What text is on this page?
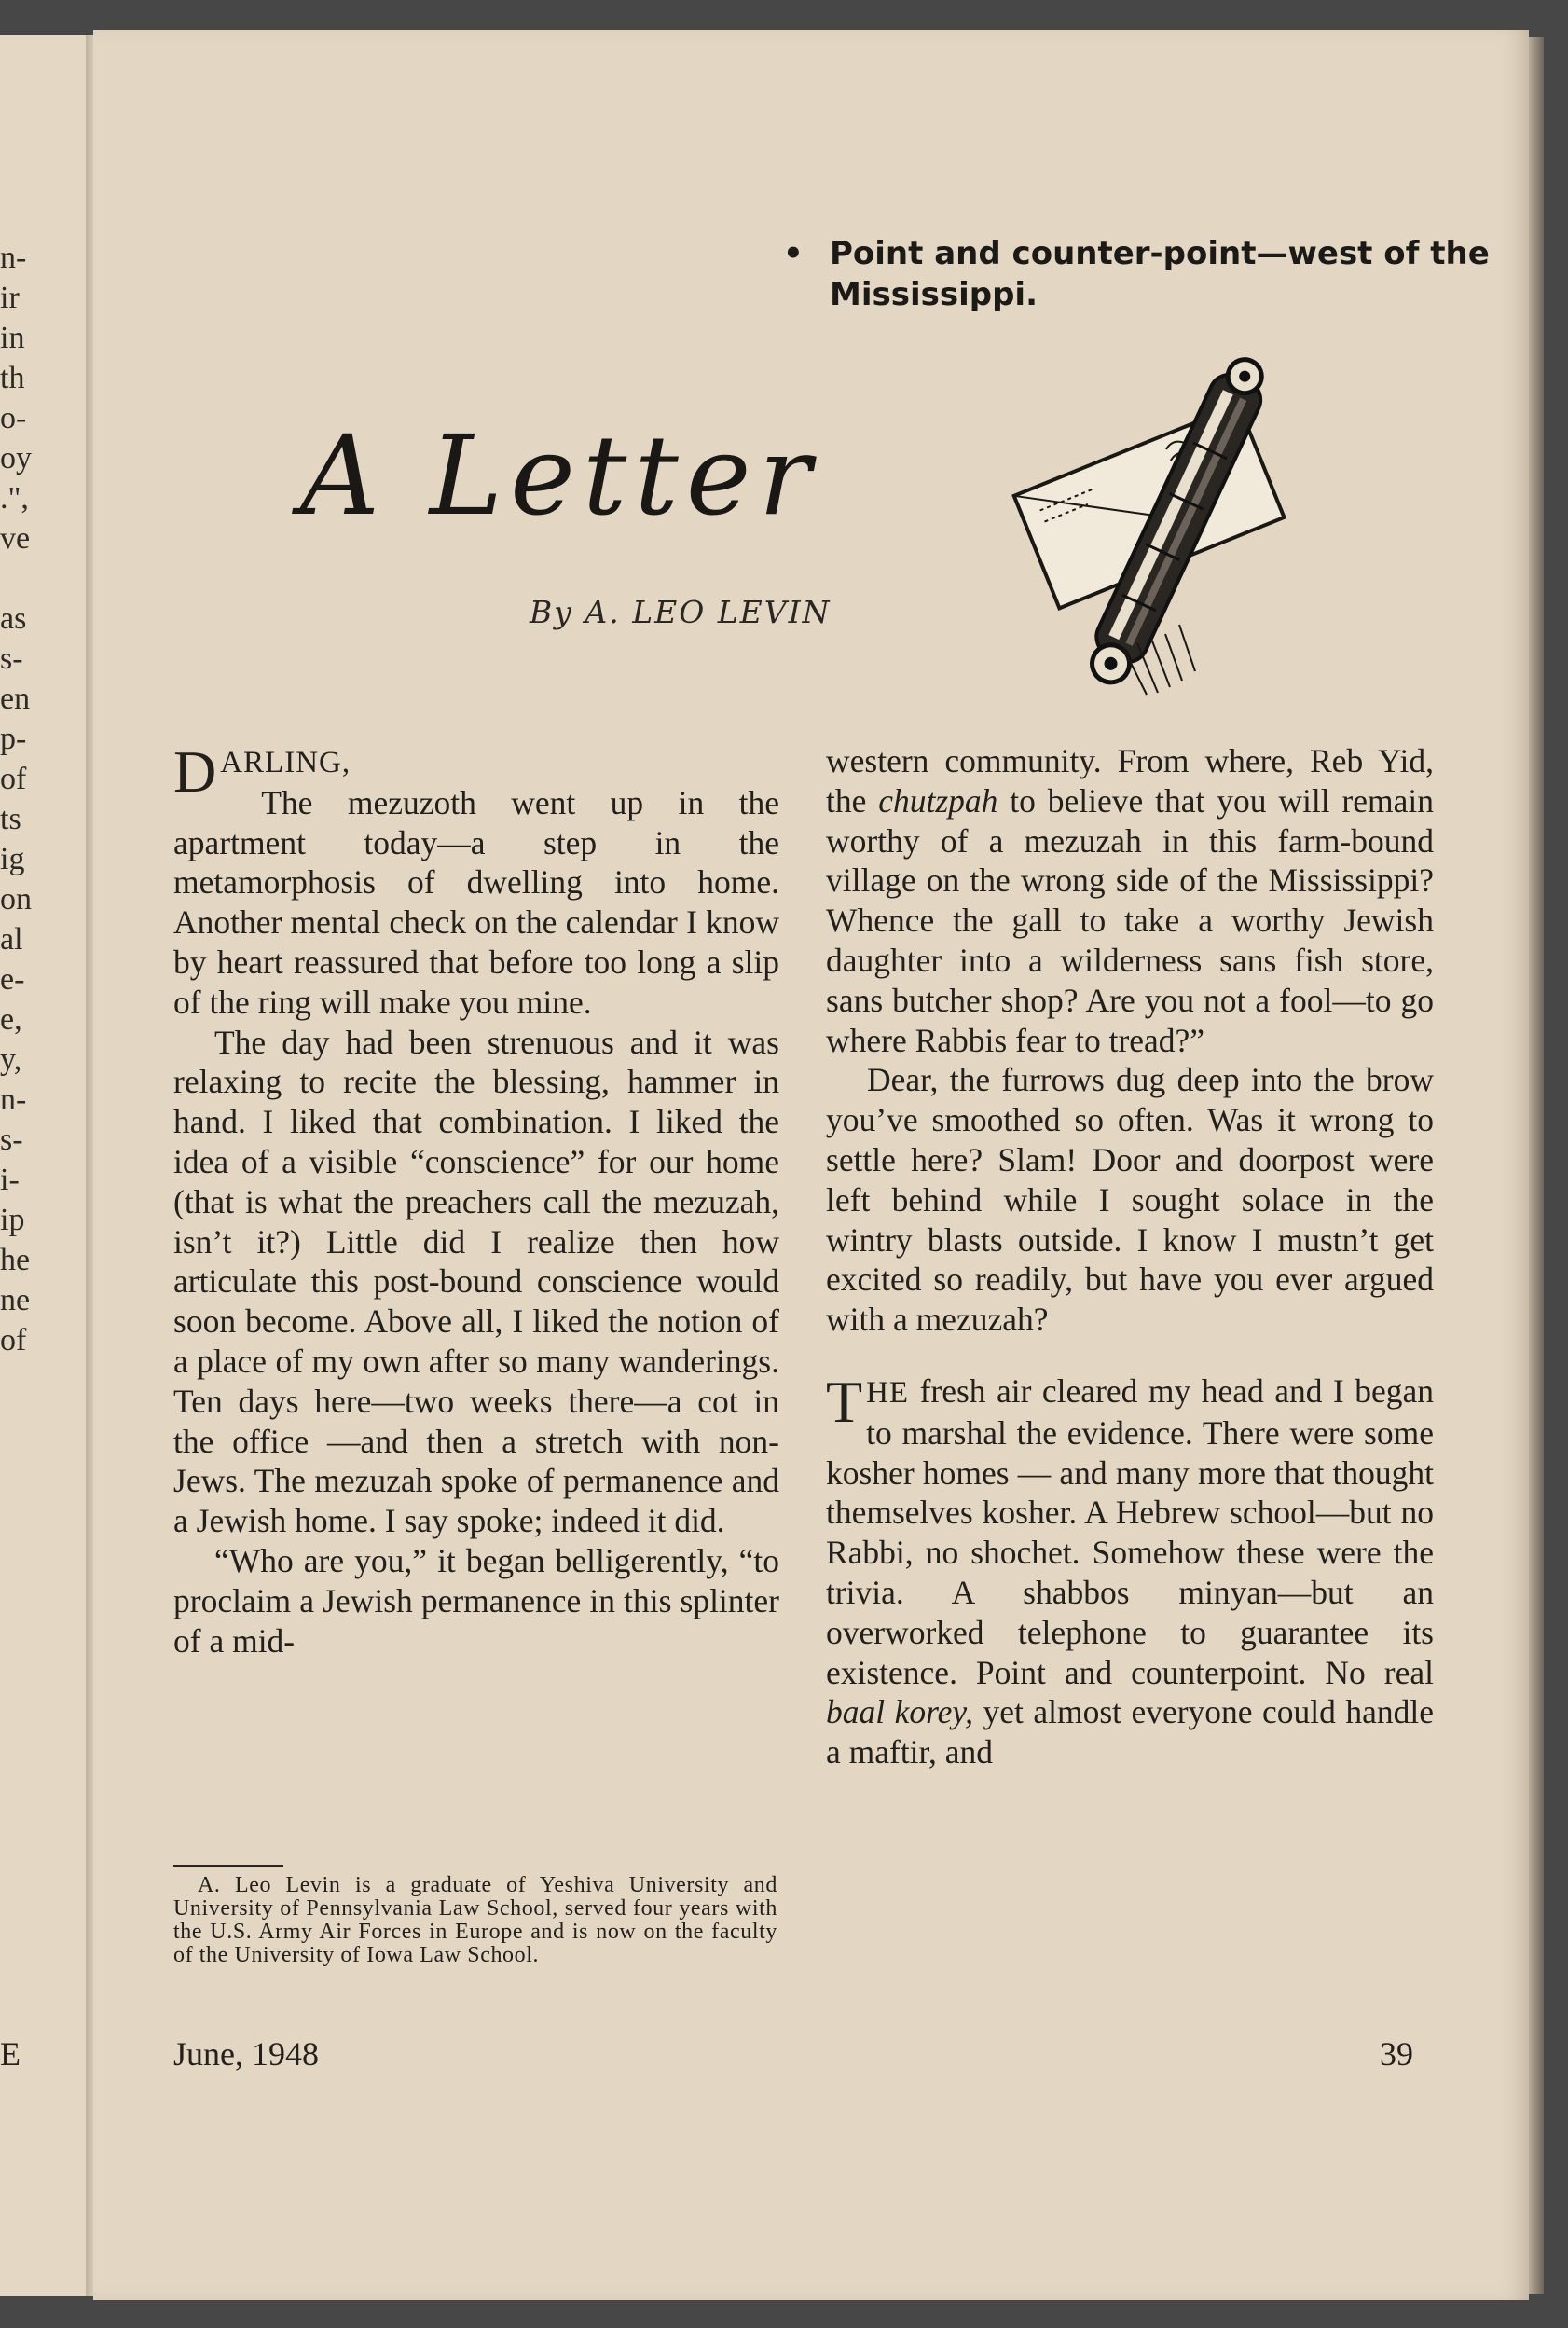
n-
ir
in
th
o-
oy
.",
ve
as
s-
en
p-
of
ts
ig
on
al
e-
e,
y,
n-
s-
i-
ip
he
ne
of
E
• Point and counter-point—west of the Mississippi.
A Letter
By A. LEO LEVIN

DARLING,

The mezuzoth went up in the apartment today—a step in the metamorphosis of dwelling into home. Another mental check on the calendar I know by heart reassured that before too long a slip of the ring will make you mine.

The day had been strenuous and it was relaxing to recite the blessing, hammer in hand. I liked that combination. I liked the idea of a visible “conscience” for our home (that is what the preachers call the mezuzah, isn’t it?) Little did I realize then how articulate this post-bound conscience would soon become. Above all, I liked the notion of a place of my own after so many wanderings. Ten days here—two weeks there—a cot in the office —and then a stretch with non-Jews. The mezuzah spoke of permanence and a Jewish home. I say spoke; indeed it did.

“Who are you,” it began belligerently, “to proclaim a Jewish permanence in this splinter of a mid-

A. Leo Levin is a graduate of Yeshiva University and University of Pennsylvania Law School, served four years with the U.S. Army Air Forces in Europe and is now on the faculty of the University of Iowa Law School.

western community. From where, Reb Yid, the chutzpah to believe that you will remain worthy of a mezuzah in this farm-bound village on the wrong side of the Mississippi? Whence the gall to take a worthy Jewish daughter into a wilderness sans fish store, sans butcher shop? Are you not a fool—to go where Rabbis fear to tread?”

Dear, the furrows dug deep into the brow you’ve smoothed so often. Was it wrong to settle here? Slam! Door and doorpost were left behind while I sought solace in the wintry blasts outside. I know I mustn’t get excited so readily, but have you ever argued with a mezuzah?

THE fresh air cleared my head and I began to marshal the evidence. There were some kosher homes — and many more that thought themselves kosher. A Hebrew school—but no Rabbi, no shochet. Somehow these were the trivia. A shabbos minyan—but an overworked telephone to guarantee its existence. Point and counterpoint. No real baal korey, yet almost everyone could handle a maftir, and

June, 1948	39
